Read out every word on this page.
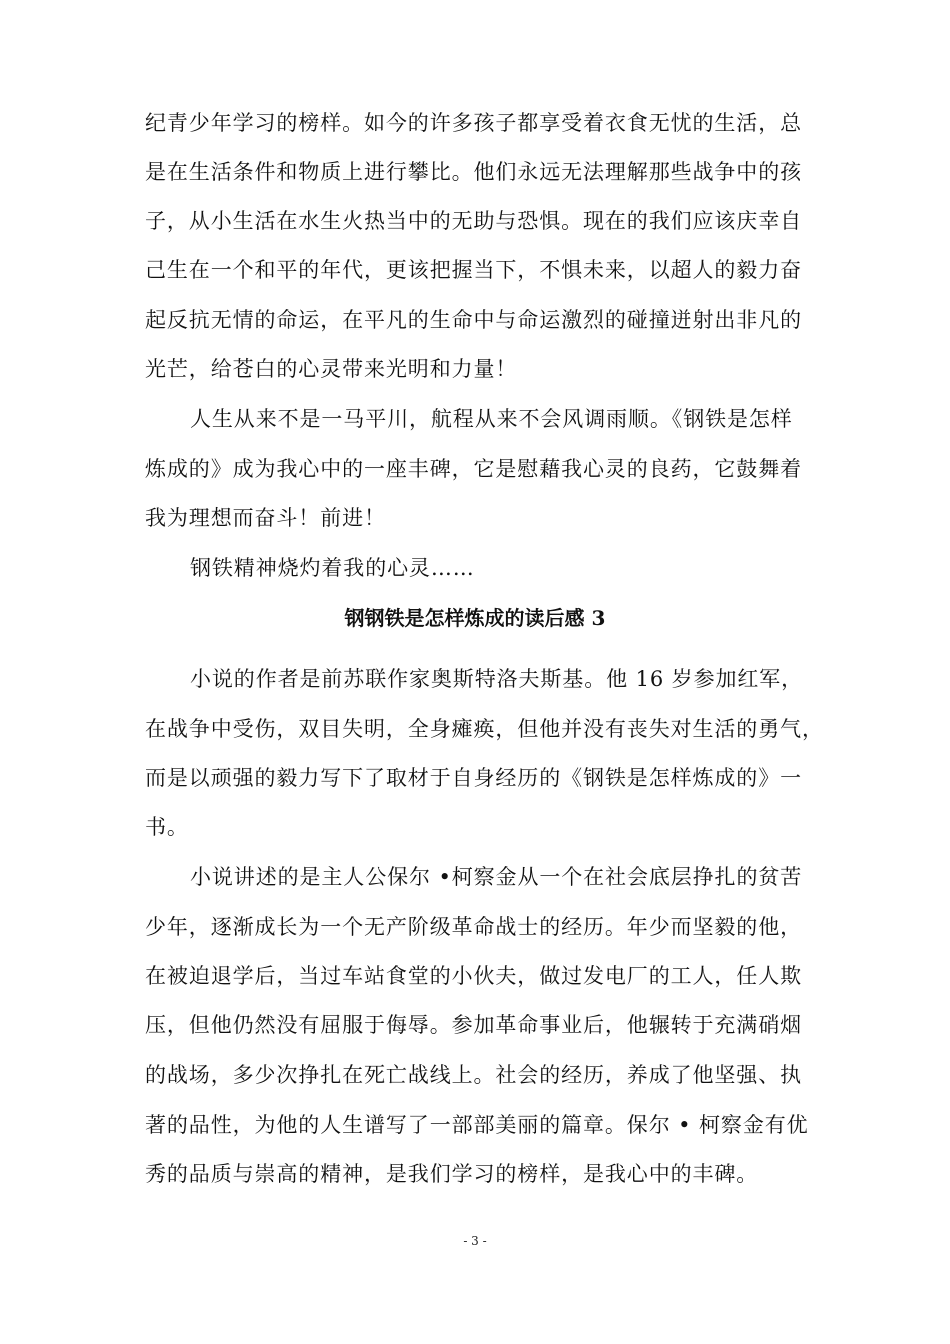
纪青少年学习的榜样。如今的许多孩子都享受着衣食无忧的生活，总
是在生活条件和物质上进行攀比。他们永远无法理解那些战争中的孩
子，从小生活在水生火热当中的无助与恐惧。现在的我们应该庆幸自
己生在一个和平的年代，更该把握当下，不惧未来，以超人的毅力奋
起反抗无情的命运，在平凡的生命中与命运激烈的碰撞迸射出非凡的
光芒，给苍白的心灵带来光明和力量！
人生从来不是一马平川，航程从来不会风调雨顺。《钢铁是怎样
炼成的》成为我心中的一座丰碑，它是慰藉我心灵的良药，它鼓舞着
我为理想而奋斗！前进！
钢铁精神烧灼着我的心灵……
钢钢铁是怎样炼成的读后感 3
小说的作者是前苏联作家奥斯特洛夫斯基。他 16 岁参加红军，
在战争中受伤，双目失明，全身瘫痪，但他并没有丧失对生活的勇气，
而是以顽强的毅力写下了取材于自身经历的《钢铁是怎样炼成的》一
书。
小说讲述的是主人公保尔 •柯察金从一个在社会底层挣扎的贫苦
少年，逐渐成长为一个无产阶级革命战士的经历。年少而坚毅的他，
在被迫退学后，当过车站食堂的小伙夫，做过发电厂的工人，任人欺
压，但他仍然没有屈服于侮辱。参加革命事业后，他辗转于充满硝烟
的战场，多少次挣扎在死亡战线上。社会的经历，养成了他坚强、执
著的品性，为他的人生谱写了一部部美丽的篇章。保尔 • 柯察金有优
秀的品质与崇高的精神，是我们学习的榜样，是我心中的丰碑。
- 3 -
